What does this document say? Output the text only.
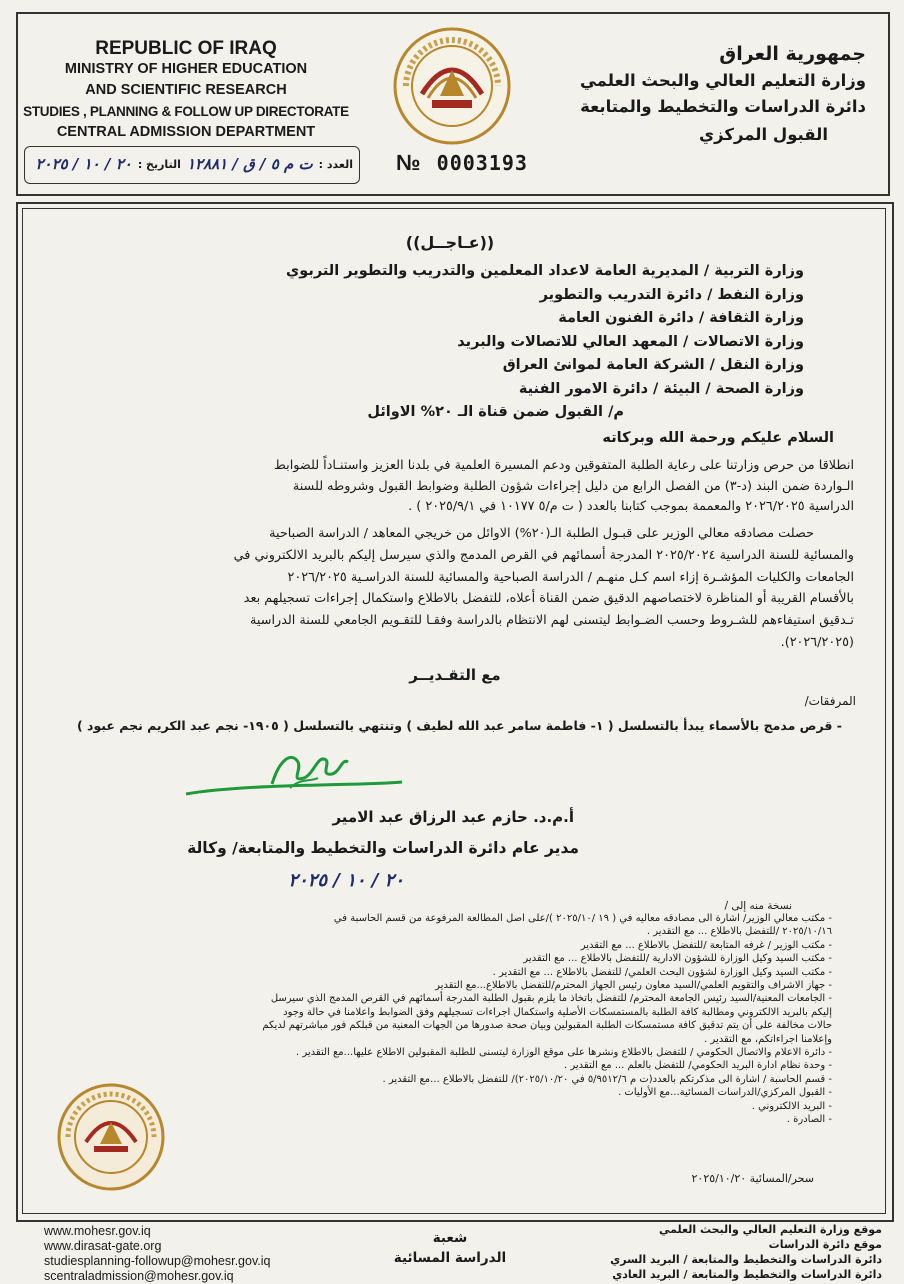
REPUBLIC OF IRAQ
MINISTRY OF HIGHER EDUCATION
AND SCIENTIFIC RESEARCH
STUDIES , PLANNING & FOLLOW UP DIRECTORATE
CENTRAL ADMISSION DEPARTMENT
جمهورية العراق
وزارة التعليم العالي والبحث العلمي
دائرة الدراسات والتخطيط والمتابعة
القبول المركزي
العدد :
ت م ٥ / ق / ١٢٨٨١
التاريخ :
٢٠ / ١٠ / ٢٠٢٥	№ 0003193
((عـاجــل))
وزارة التربية / المديرية العامة لاعداد المعلمين والتدريب والتطوير التربوي
وزارة النفط / دائرة التدريب والتطوير
وزارة الثقافة / دائرة الفنون العامة
وزارة الاتصالات / المعهد العالي للاتصالات والبريد
وزارة النقل / الشركة العامة لموانئ العراق
وزارة الصحة / البيئة / دائرة الامور الفنية
م/ القبول ضمن قناة الـ ٢٠% الاوائل
السلام عليكم ورحمة الله وبركاته
انطلاقا من حرص وزارتنا على رعاية الطلبة المتفوقين ودعم المسيرة العلمية في بلدنا العزيز واستنـاداً للضوابط
الـواردة ضمن البند (د-٣) من الفصل الرابع من دليل إجراءات شؤون الطلبة وضوابط القبول وشروطه للسنة
الدراسية ٢٠٢٦/٢٠٢٥ والمعممة بموجب كتابنا بالعدد ( ت م/٥ ١٠١٧٧ في ٢٠٢٥/٩/١ ) .
حصلت مصادقه معالي الوزير على قبـول الطلبة الـ(٢٠%) الاوائل من خريجي المعاهد / الدراسة الصباحية
والمسائية للسنة الدراسية ٢٠٢٥/٢٠٢٤ المدرجة أسمائهم في القرص المدمج والذي سيرسل إليكم بالبريد الالكتروني في
الجامعات والكليات المؤشـرة إزاء اسم كـل منهـم / الدراسة الصباحية والمسائية للسنة الدراسـية ٢٠٢٦/٢٠٢٥
بالأقسام القريبة أو المناظرة لاختصاصهم الدقيق ضمن القناة أعلاه، للتفضل بالاطلاع واستكمال إجراءات تسجيلهم بعد
تـدقيق استيفاءهم للشـروط وحسب الضـوابط ليتسنى لهم الانتظام بالدراسة وفقـا للتقـويم الجامعي للسنة الدراسية
(٢٠٢٦/٢٠٢٥).
مع التقـديــر
المرفقات/
- قرص مدمج بالأسماء يبدأ بالتسلسل ( ١- فاطمة سامر عبد الله لطيف ) وتنتهي بالتسلسل ( ١٩٠٥- نجم عبد الكريم نجم عبود )
أ.م.د. حازم عبد الرزاق عبد الامير
مدير عام دائرة الدراسات والتخطيط والمتابعة/ وكالة
٢٠ / ١٠ / ٢٠٢٥
نسخة منه إلى /
- مكتب معالي الوزير/ اشارة الى مصادقه معاليه في ( ١٩ /٢٠٢٥/١٠ )/على اصل المطالعة المرفوعة من قسم الحاسبة في
٢٠٢٥/١٠/١٦ /للتفضل بالاطلاع ... مع التقدير .
- مكتب الوزير / غرفه المتابعة /للتفضل بالاطلاع ... مع التقدير
- مكتب السيد وكيل الوزارة للشؤون الادارية /للتفضل بالاطلاع ... مع التقدير
- مكتب السيد وكيل الوزارة لشؤون البحث العلمي/ للتفضل بالاطلاع ... مع التقدير .
- جهاز الاشراف والتقويم العلمي/السيد معاون رئيس الجهاز المحترم/للتفضل بالاطلاع...مع التقدير
- الجامعات المعنية/السيد رئيس الجامعة المحترم/ للتفضل باتخاذ ما يلزم بقبول الطلبة المدرجة أسمائهم في القرص المدمج الذي سيرسل
إليكم بالبريد الالكتروني ومطالبة كافة الطلبة بالمستمسكات الأصلية واستكمال اجراءات تسجيلهم وفق الضوابط واعلامنا في حالة وجود
حالات مخالفة على أن يتم تدقيق كافة مستمسكات الطلبة المقبولين وبيان صحة صدورها من الجهات المعنية من قبلكم فور مباشرتهم لديكم
وإعلامنا اجراءاتكم، مع التقدير .
- دائرة الاعلام والاتصال الحكومي / للتفضل بالاطلاع ونشرها على موقع الوزارة ليتسنى للطلبة المقبولين الاطلاع عليها...مع التقدير .
- وحدة نظام ادارة البريد الحكومي/ للتفضل بالعلم ... مع التقدير .
- قسم الحاسبة / اشارة الى مذكرتكم بالعدد(ت م ٥/٩٥١٢/٦ في ٢٠٢٥/١٠/٢٠)/ للتفضل بالاطلاع ...مع التقدير .
- القبول المركزي/الدراسات المسائية...مع الأوليات .
- البريد الالكتروني .
- الصادرة .
سحر/المسائية ٢٠٢٥/١٠/٢٠
www.mohesr.gov.iq
www.dirasat-gate.org
studiesplanning-followup@mohesr.gov.iq
scentraladmission@mohesr.gov.iq
شعبة
الدراسة المسائية
موقع وزارة التعليم العالي والبحث العلمي
موقع دائرة الدراسات
دائرة الدراسات والتخطيط والمتابعة / البريد السري
دائرة الدراسات والتخطيط والمتابعة / البريد العادي
